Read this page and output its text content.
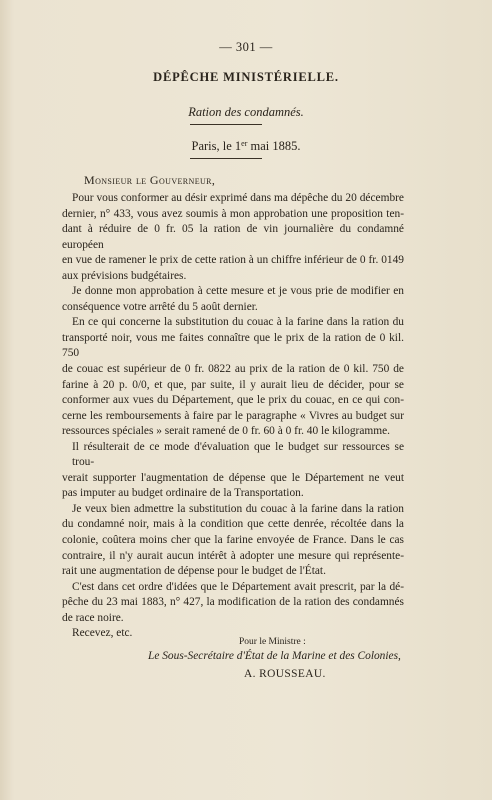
— 301 —
DÉPÊCHE MINISTÉRIELLE.
Ration des condamnés.
Paris, le 1er mai 1885.
Monsieur le Gouverneur,

Pour vous conformer au désir exprimé dans ma dépêche du 20 décembre
dernier, n° 433, vous avez soumis à mon approbation une proposition ten-
dant à réduire de 0 fr. 05 la ration de vin journalière du condamné européen
en vue de ramener le prix de cette ration à un chiffre inférieur de 0 fr. 0149
aux prévisions budgétaires.

Je donne mon approbation à cette mesure et je vous prie de modifier en
conséquence votre arrêté du 5 août dernier.

En ce qui concerne la substitution du couac à la farine dans la ration du
transporté noir, vous me faites connaître que le prix de la ration de 0 kil. 750
de couac est supérieur de 0 fr. 0822 au prix de la ration de 0 kil. 750 de
farine à 20 p. 0/0, et que, par suite, il y aurait lieu de décider, pour se
conformer aux vues du Département, que le prix du couac, en ce qui con-
cerne les remboursements à faire par le paragraphe « Vivres au budget sur
ressources spéciales » serait ramené de 0 fr. 60 à 0 fr. 40 le kilogramme.

Il résulterait de ce mode d'évaluation que le budget sur ressources se trou-
verait supporter l'augmentation de dépense que le Département ne veut
pas imputer au budget ordinaire de la Transportation.

Je veux bien admettre la substitution du couac à la farine dans la ration
du condamné noir, mais à la condition que cette denrée, récoltée dans la
colonie, coûtera moins cher que la farine envoyée de France. Dans le cas
contraire, il n'y aurait aucun intérêt à adopter une mesure qui représente-
rait une augmentation de dépense pour le budget de l'État.

C'est dans cet ordre d'idées que le Département avait prescrit, par la dé-
pêche du 23 mai 1883, n° 427, la modification de la ration des condamnés
de race noire.

Recevez, etc.

Pour le Ministre :
Le Sous-Secrétaire d'État de la Marine et des Colonies,
A. ROUSSEAU.
